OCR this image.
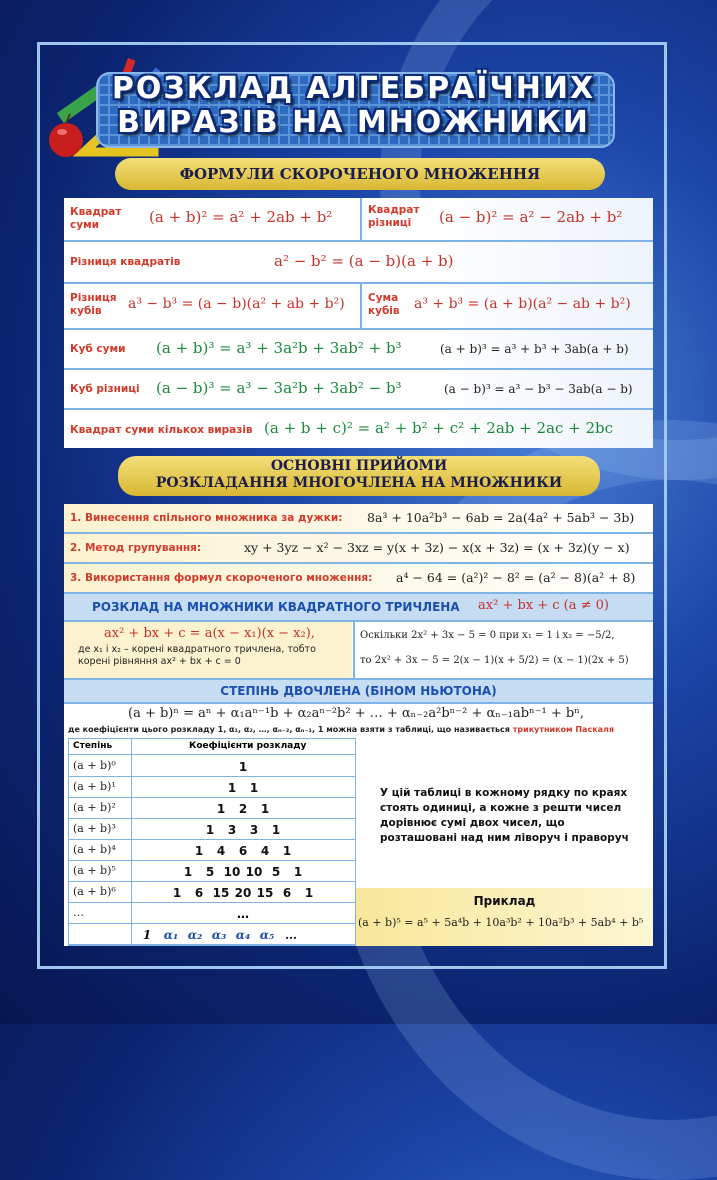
РОЗКЛАД АЛГЕБРАЇЧНИХ
ВИРАЗІВ НА МНОЖНИКИ
ФОРМУЛИ СКОРОЧЕНОГО МНОЖЕННЯ
Квадрат суми	(a + b)² = a² + 2ab + b²	Квадрат різниці	(a − b)² = a² − 2ab + b²
Різниця квадратів	a² − b² = (a − b)(a + b)
Різниця кубів	a³ − b³ = (a − b)(a² + ab + b²) Сума кубів	a³ + b³ = (a + b)(a² − ab + b²)
Куб суми	(a + b)³ = a³ + 3a²b + 3ab² + b³	(a + b)³ = a³ + b³ + 3ab(a + b)
Куб різниці	(a − b)³ = a³ − 3a²b + 3ab² − b³	(a − b)³ = a³ − b³ − 3ab(a − b)
Квадрат суми кількох виразів (a + b + c)² = a² + b² + c² + 2ab + 2ac + 2bc
ОСНОВНІ ПРИЙОМИ
РОЗКЛАДАННЯ МНОГОЧЛЕНА НА МНОЖНИКИ
1. Винесення спільного множника за дужки: 8a³ + 10a²b³ − 6ab = 2a(4a² + 5ab³ − 3b)
2. Метод групування:	xy + 3yz − x² − 3xz = y(x + 3z) − x(x + 3z) = (x + 3z)(y − x)
3. Використання формул скороченого множення: a⁴ − 64 = (a²)² − 8² = (a² − 8)(a² + 8)
РОЗКЛАД НА МНОЖНИКИ КВАДРАТНОГО ТРИЧЛЕНА ax² + bx + c (a ≠ 0)
ax² + bx + c = a(x − x₁)(x − x₂),
де x₁ і x₂ – корені квадратного тричлена, тобто корені рівняння ax² + bx + c = 0
Оскільки 2x² + 3x − 5 = 0 при x₁ = 1 і x₂ = −5/2,
то 2x² + 3x − 5 = 2(x − 1)(x + 5/2) = (x − 1)(2x + 5)
СТЕПІНЬ ДВОЧЛЕНА (БІНОМ НЬЮТОНА)
(a + b)ⁿ = aⁿ + α₁aⁿ⁻¹b + α₂aⁿ⁻²b² + … + αₙ₋₂a²bⁿ⁻² + αₙ₋₁abⁿ⁻¹ + bⁿ,
де коефіцієнти цього розкладу 1, α₁, α₂, …, αₙ₋₂, αₙ₋₁, 1 можна взяти з таблиці, що називається трикутником Паскаля
Степінь	Коефіцієнти розкладу
(a + b)⁰	1
(a + b)¹	1	1
(a + b)²	1	2	1
(a + b)³	1	3	3	1
(a + b)⁴	1	4	6	4	1
(a + b)⁵	1	5 10 10 5	1
(a + b)⁶	1	6 15 20 15 6	1
…	…
1	α₁ α₂ α₃ α₄ α₅ …
У цій таблиці в кожному рядку по краях стоять одиниці, а кожне з решти чисел дорівнює сумі двох чисел, що розташовані над ним ліворуч і праворуч
Приклад
(a + b)⁵ = a⁵ + 5a⁴b + 10a³b² + 10a²b³ + 5ab⁴ + b⁵
